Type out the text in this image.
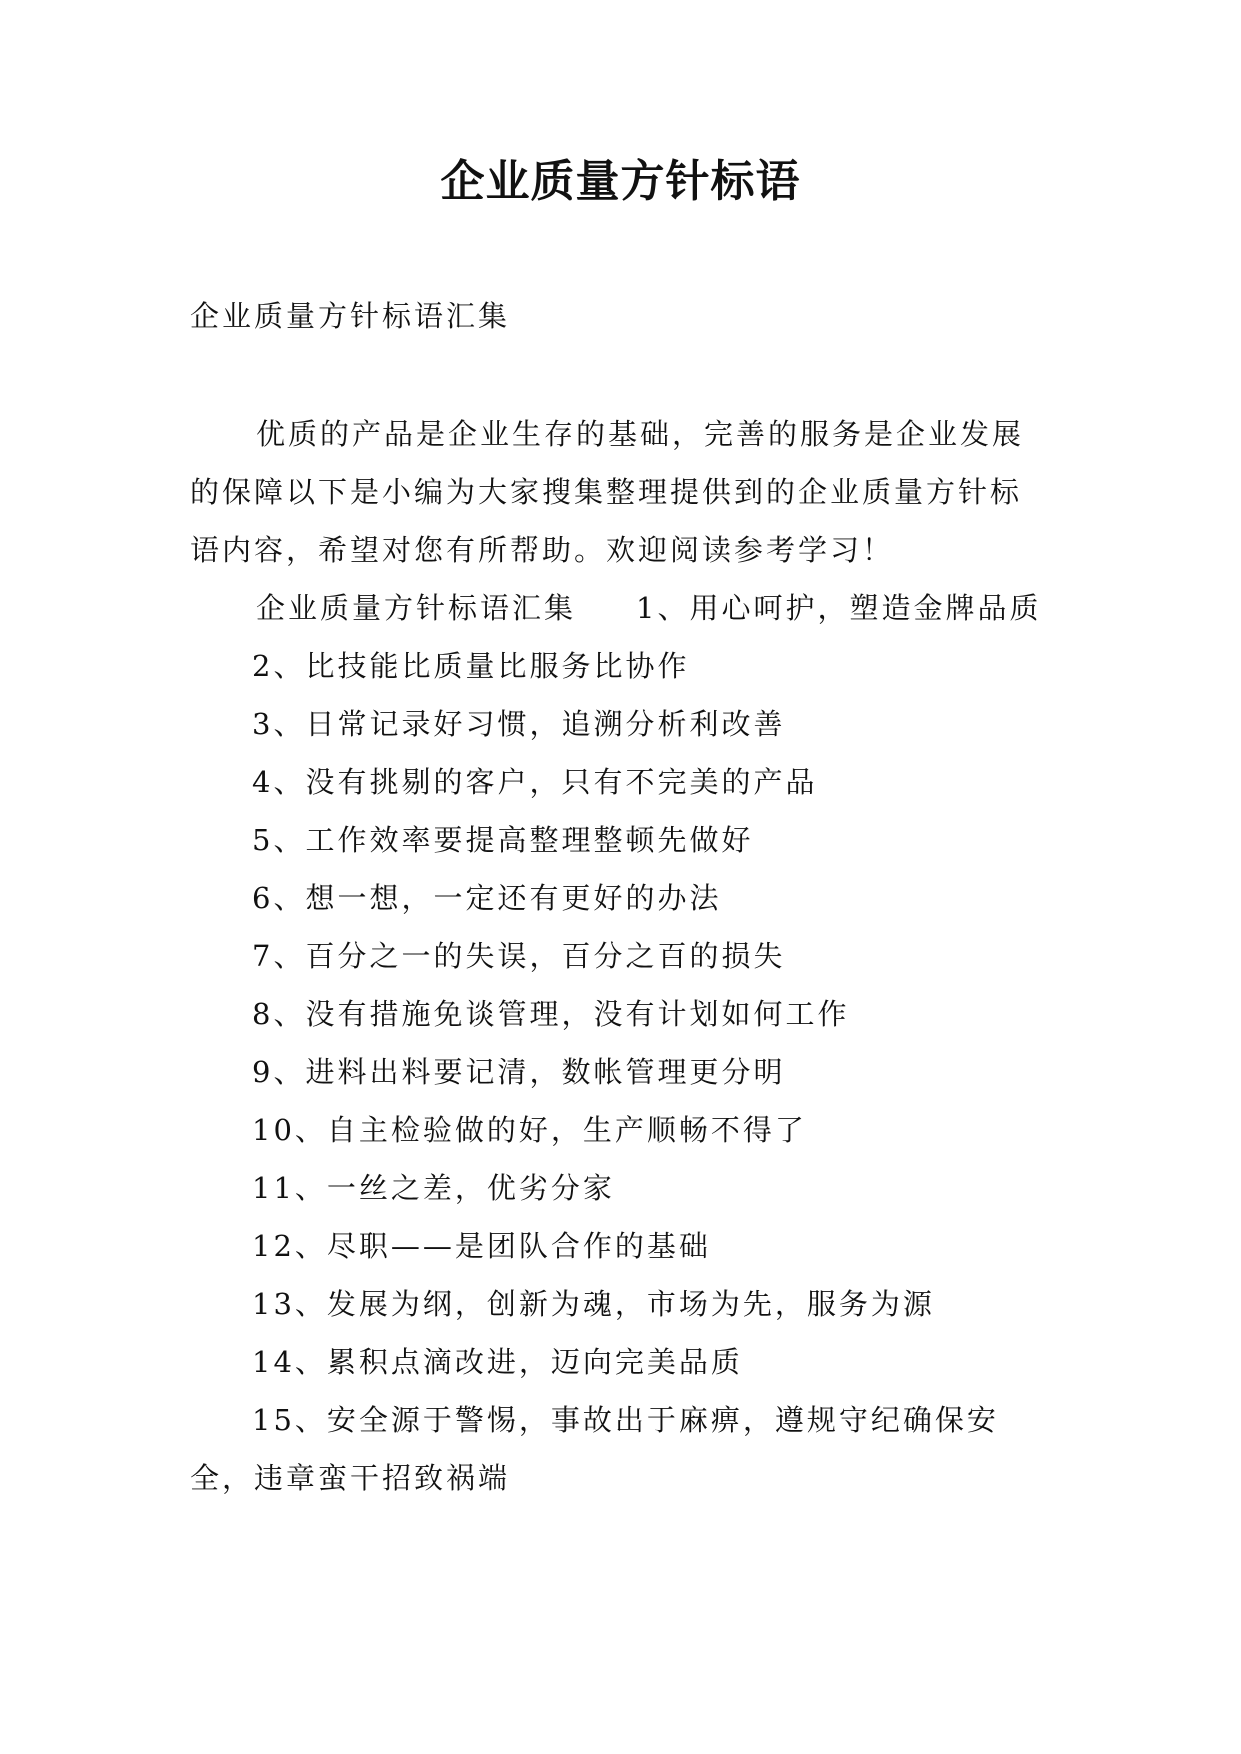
企业质量方针标语

企业质量方针标语汇集

优质的产品是企业生存的基础，完善的服务是企业发展的保障以下是小编为大家搜集整理提供到的企业质量方针标语内容，希望对您有所帮助。欢迎阅读参考学习！

企业质量方针标语汇集 1、用心呵护，塑造金牌品质

2、比技能比质量比服务比协作

3、日常记录好习惯，追溯分析利改善

4、没有挑剔的客户，只有不完美的产品

5、工作效率要提高整理整顿先做好

6、想一想，一定还有更好的办法

7、百分之一的失误，百分之百的损失

8、没有措施免谈管理，没有计划如何工作

9、进料出料要记清，数帐管理更分明

10、自主检验做的好，生产顺畅不得了

11、一丝之差，优劣分家

12、尽职——是团队合作的基础

13、发展为纲，创新为魂，市场为先，服务为源

14、累积点滴改进，迈向完美品质

15、安全源于警惕，事故出于麻痹，遵规守纪确保安全，违章蛮干招致祸端
